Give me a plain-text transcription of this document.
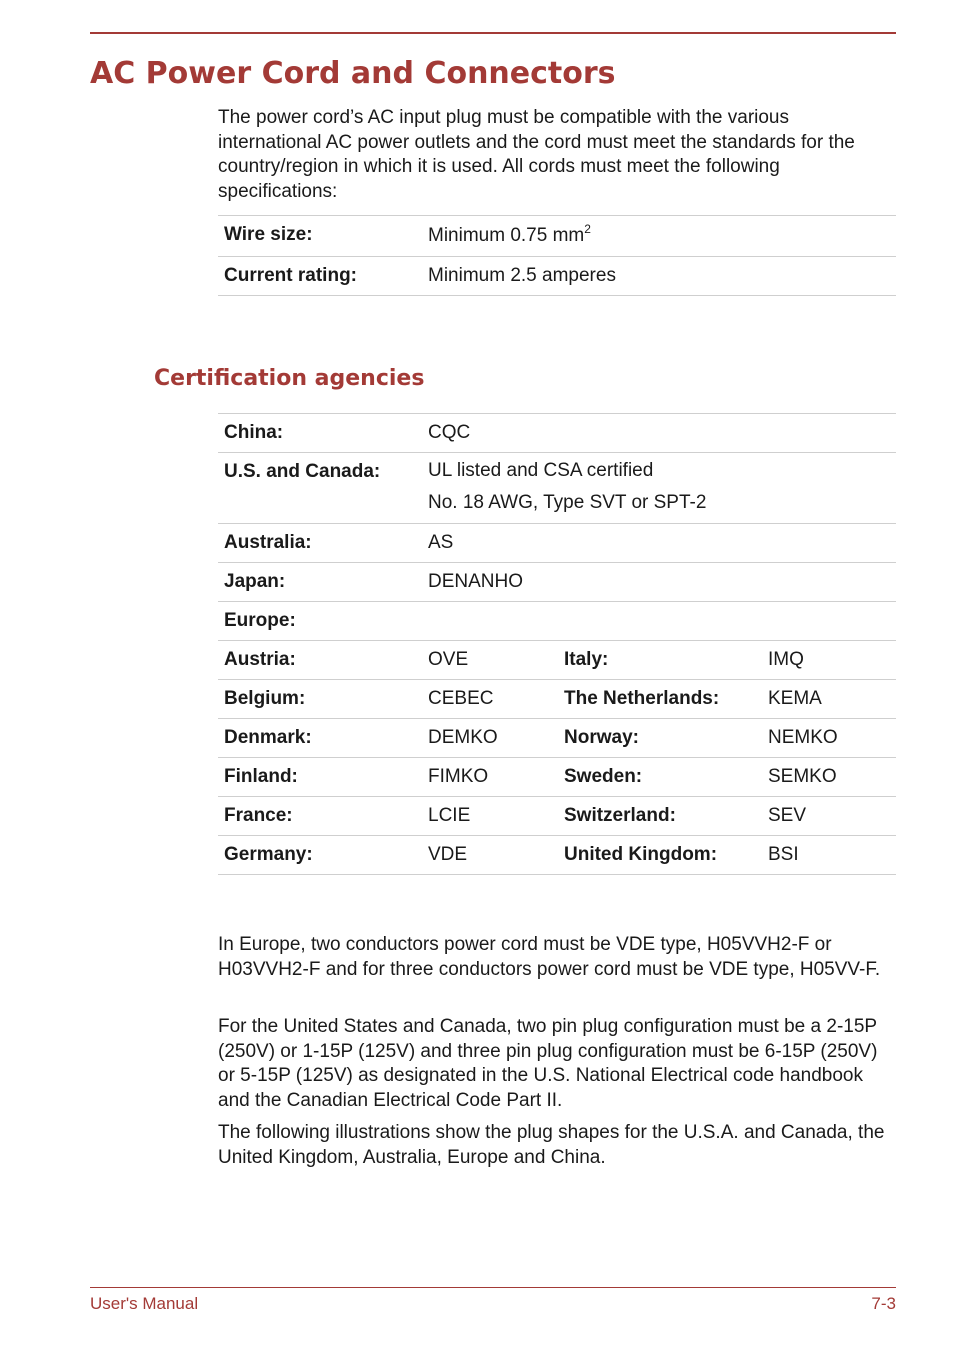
AC Power Cord and Connectors

The power cord’s AC input plug must be compatible with the various international AC power outlets and the cord must meet the standards for the country/region in which it is used. All cords must meet the following specifications:

Wire size:	Minimum 0.75 $mm^2$
Current rating:	Minimum 2.5 amperes
Certification agencies
China:	CQC		
U.S. and Canada:	UL listed and CSA certified
No. 18 AWG, Type SVT or SPT-2		

Australia:	AS		
Japan:	DENANHO		
Europe:			
Austria:	OVE	Italy:	IMQ
Belgium:	CEBEC	The Netherlands:	KEMA
Denmark:	DEMKO	Norway:	NEMKO
Finland:	FIMKO	Sweden:	SEMKO
France:	LCIE	Switzerland:	SEV
Germany:	VDE	United Kingdom:	BSI

In Europe, two conductors power cord must be VDE type, H05VVH2-F or H03VVH2-F and for three conductors power cord must be VDE type, H05VV-F.

For the United States and Canada, two pin plug configuration must be a 2-15P (250V) or 1-15P (125V) and three pin plug configuration must be 6-15P (250V) or 5-15P (125V) as designated in the U.S. National Electrical code handbook and the Canadian Electrical Code Part II.

The following illustrations show the plug shapes for the U.S.A. and Canada, the United Kingdom, Australia, Europe and China.

User's Manual	7-3
